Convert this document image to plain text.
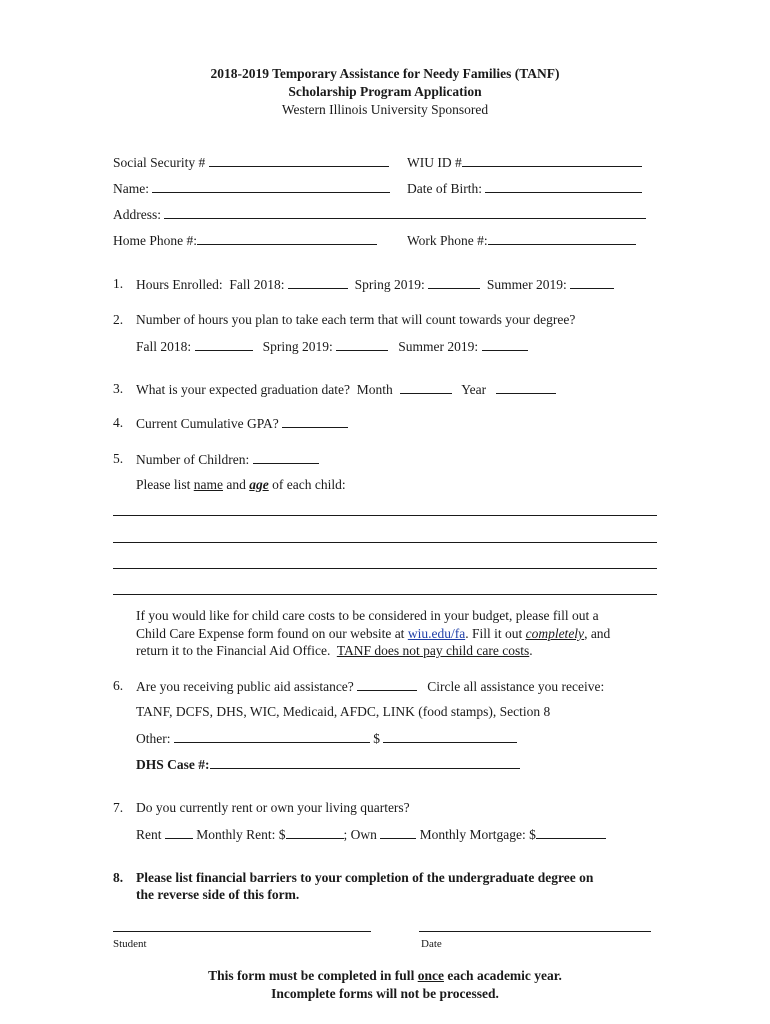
2018-2019 Temporary Assistance for Needy Families (TANF)
Scholarship Program Application
Western Illinois University Sponsored
Social Security #	WIU ID #
Name:	Date of Birth:
Address:
Home Phone #:	Work Phone #:
1. Hours Enrolled: Fall 2018:	Spring 2019:	Summer 2019:
2. Number of hours you plan to take each term that will count towards your degree?
Fall 2018:	Spring 2019:	Summer 2019:
3. What is your expected graduation date? Month	Year
4. Current Cumulative GPA?
5. Number of Children:
Please list name and age of each child:
If you would like for child care costs to be considered in your budget, please fill out a
Child Care Expense form found on our website at wiu.edu/fa. Fill it out completely, and
return it to the Financial Aid Office. TANF does not pay child care costs.
6. Are you receiving public aid assistance?	Circle all assistance you receive:
TANF, DCFS, DHS, WIC, Medicaid, AFDC, LINK (food stamps), Section 8
Other:	$
DHS Case #:
7. Do you currently rent or own your living quarters?
Rent	Monthly Rent: $	; Own	Monthly Mortgage: $
8. Please list financial barriers to your completion of the undergraduate degree on
the reverse side of this form.
Student	Date
This form must be completed in full once each academic year.
Incomplete forms will not be processed.
